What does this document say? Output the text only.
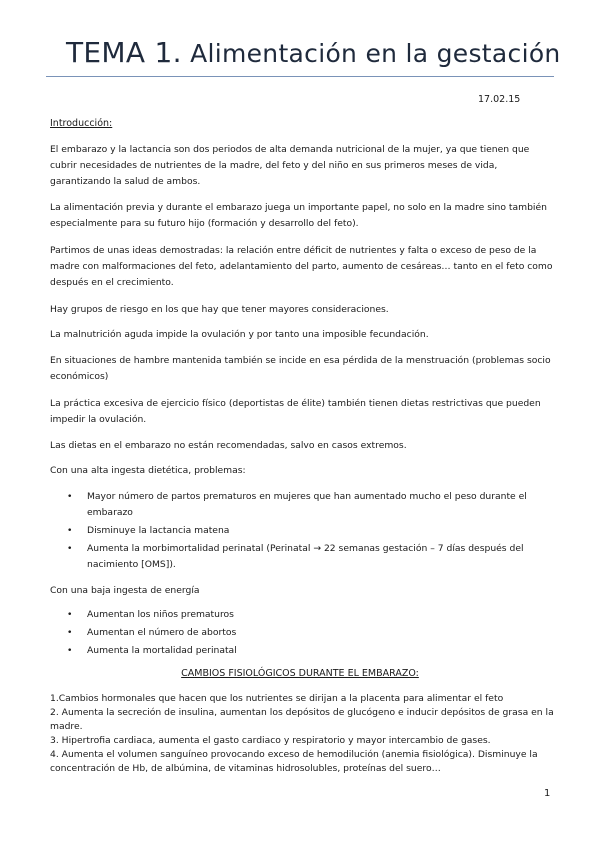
TEMA 1. Alimentación en la gestación
17.02.15
Introducción:

El embarazo y la lactancia son dos periodos de alta demanda nutricional de la mujer, ya que tienen que cubrir necesidades de nutrientes de la madre, del feto y del niño en sus primeros meses de vida, garantizando la salud de ambos.

La alimentación previa y durante el embarazo juega un importante papel, no solo en la madre sino también especialmente para su futuro hijo (formación y desarrollo del feto).

Partimos de unas ideas demostradas: la relación entre déficit de nutrientes y falta o exceso de peso de la madre con malformaciones del feto, adelantamiento del parto, aumento de cesáreas… tanto en el feto como después en el crecimiento.

Hay grupos de riesgo en los que hay que tener mayores consideraciones.

La malnutrición aguda impide la ovulación y por tanto una imposible fecundación.

En situaciones de hambre mantenida también se incide en esa pérdida de la menstruación (problemas socio económicos)

La práctica excesiva de ejercicio físico (deportistas de élite) también tienen dietas restrictivas que pueden impedir la ovulación.

Las dietas en el embarazo no están recomendadas, salvo en casos extremos.

Con una alta ingesta dietética, problemas:

• Mayor número de partos prematuros en mujeres que han aumentado mucho el peso durante el embarazo
• Disminuye la lactancia matena
• Aumenta la morbimortalidad perinatal (Perinatal → 22 semanas gestación – 7 días después del nacimiento [OMS]).

Con una baja ingesta de energía

• Aumentan los niños prematuros
• Aumentan el número de abortos
• Aumenta la mortalidad perinatal
CAMBIOS FISIOLÓGICOS DURANTE EL EMBARAZO:
1.Cambios hormonales que hacen que los nutrientes se dirijan a la placenta para alimentar el feto
2. Aumenta la secreción de insulina, aumentan los depósitos de glucógeno e inducir depósitos de grasa en la madre.
3. Hipertrofia cardiaca, aumenta el gasto cardiaco y respiratorio y mayor intercambio de gases.
4. Aumenta el volumen sanguíneo provocando exceso de hemodilución (anemia fisiológica). Disminuye la concentración de Hb, de albúmina, de vitaminas hidrosolubles, proteínas del suero…
1
